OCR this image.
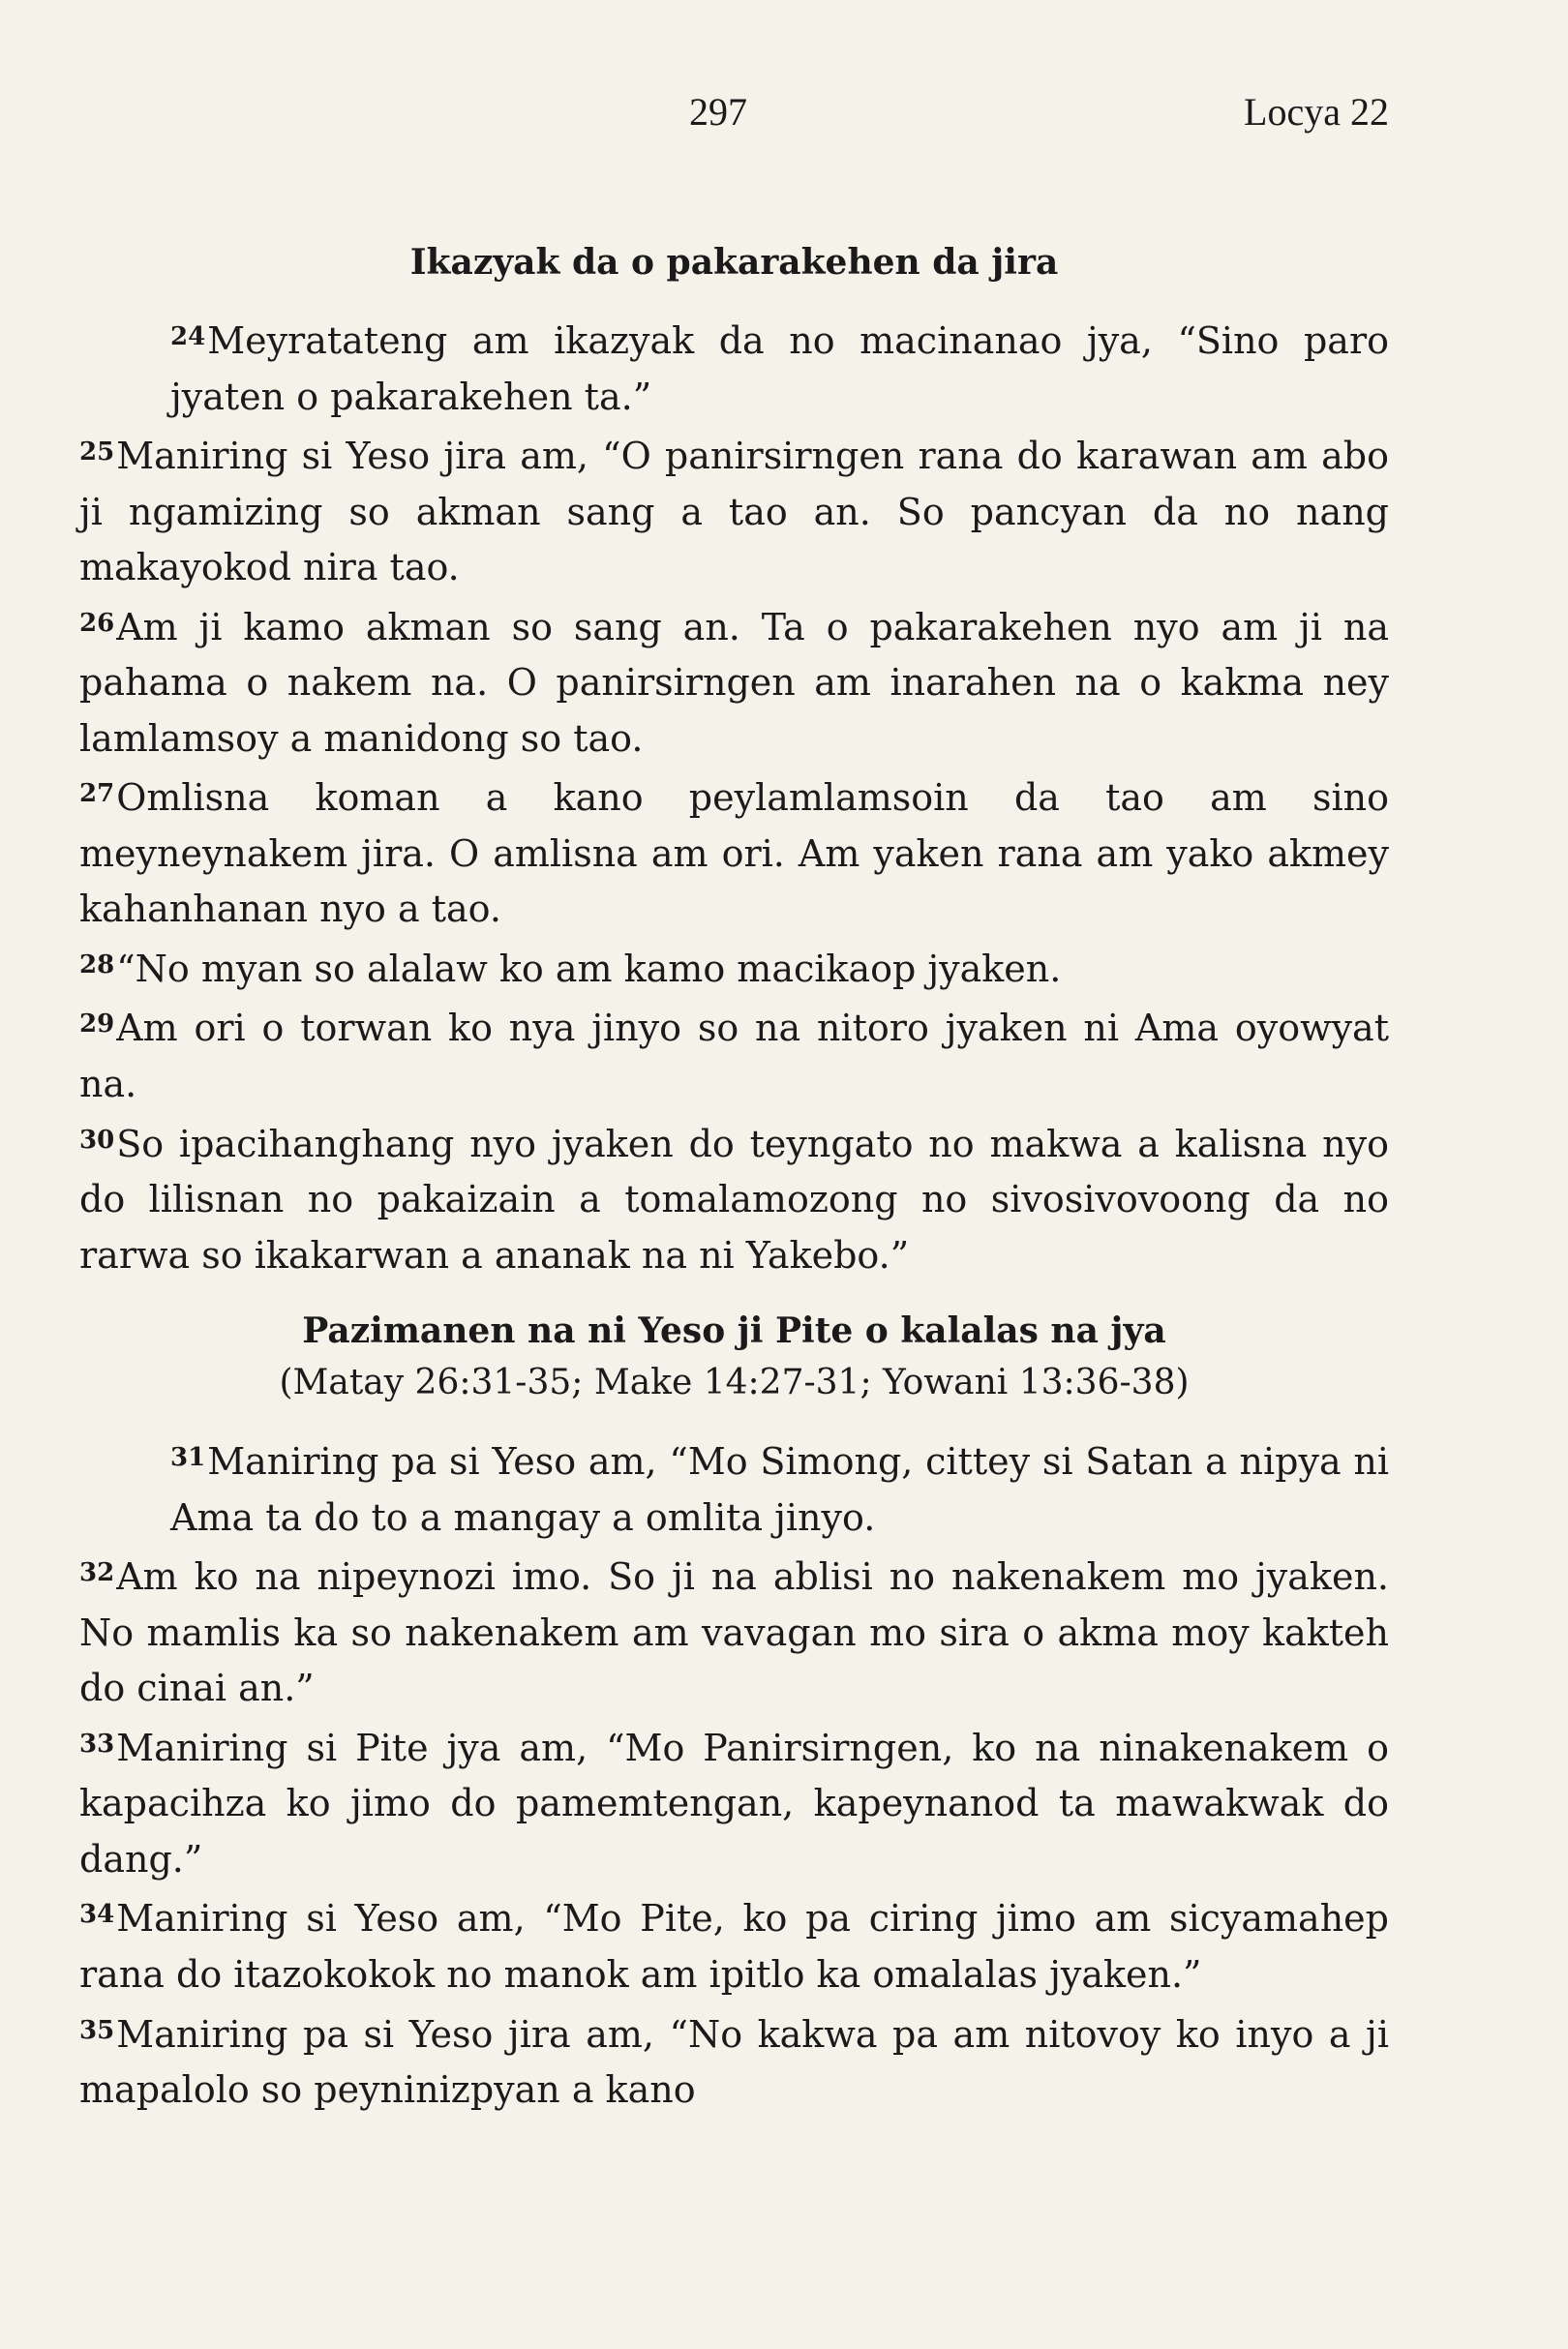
297	Locya 22

Ikazyak da o pakarakehen da jira

$^{24}$Meyratateng am ikazyak da no macinanao jya, “Sino paro jyaten o pakarakehen ta.”

$^{25}$Maniring si Yeso jira am, “O panirsirngen rana do karawan am abo ji ngamizing so akman sang a tao an. So pancyan da no nang makayokod nira tao.

$^{26}$Am ji kamo akman so sang an. Ta o pakarakehen nyo am ji na pahama o nakem na. O panirsirngen am inarahen na o kakma ney lamlamsoy a manidong so tao.

$^{27}$Omlisna koman a kano peylamlamsoin da tao am sino meyneynakem jira. O amlisna am ori. Am yaken rana am yako akmey kahanhanan nyo a tao.

$^{28}$“No myan so alalaw ko am kamo macikaop jyaken.

$^{29}$Am ori o torwan ko nya jinyo so na nitoro jyaken ni Ama oyowyat na.

$^{30}$So ipacihanghang nyo jyaken do teyngato no makwa a kalisna nyo do lilisnan no pakaizain a tomalamozong no sivosivovoong da no rarwa so ikakarwan a ananak na ni Yakebo.”

Pazimanen na ni Yeso ji Pite o kalalas na jya

(Matay 26:31-35; Make 14:27-31; Yowani 13:36-38)

$^{31}$Maniring pa si Yeso am, “Mo Simong, cittey si Satan a nipya ni Ama ta do to a mangay a omlita jinyo.

$^{32}$Am ko na nipeynozi imo. So ji na ablisi no nakenakem mo jyaken. No mamlis ka so nakenakem am vavagan mo sira o akma moy kakteh do cinai an.”

$^{33}$Maniring si Pite jya am, “Mo Panirsirngen, ko na ninakenakem o kapacihza ko jimo do pamemtengan, kapeynanod ta mawakwak do dang.”

$^{34}$Maniring si Yeso am, “Mo Pite, ko pa ciring jimo am sicyamahep rana do itazokokok no manok am ipitlo ka omalalas jyaken.”

$^{35}$Maniring pa si Yeso jira am, “No kakwa pa am nitovoy ko inyo a ji mapalolo so peyninizpyan a kano
